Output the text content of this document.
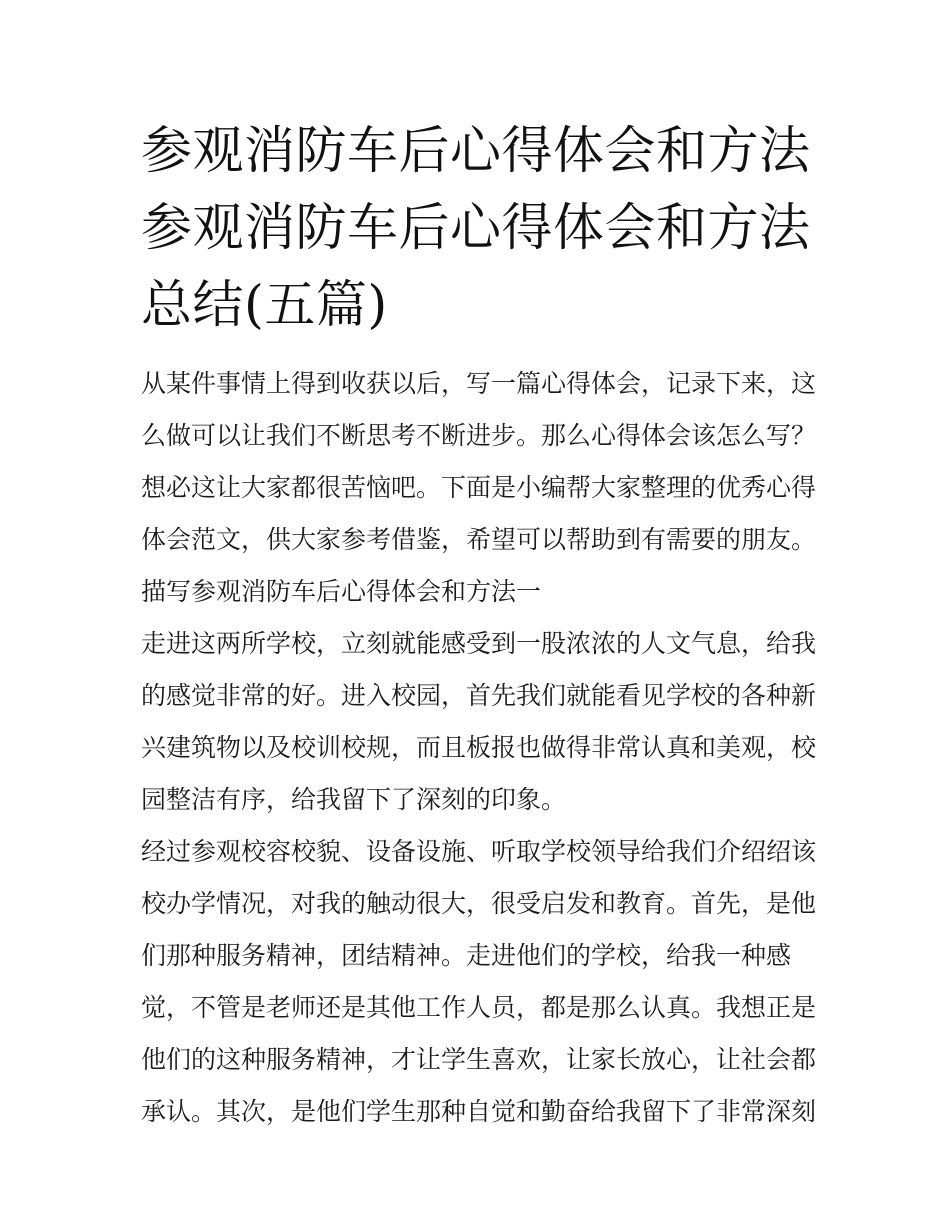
参观消防车后心得体会和方法
参观消防车后心得体会和方法
总结(五篇)

从某件事情上得到收获以后，写一篇心得体会，记录下来，这

么做可以让我们不断思考不断进步。那么心得体会该怎么写？

想必这让大家都很苦恼吧。下面是小编帮大家整理的优秀心得

体会范文，供大家参考借鉴，希望可以帮助到有需要的朋友。

描写参观消防车后心得体会和方法一

走进这两所学校，立刻就能感受到一股浓浓的人文气息，给我

的感觉非常的好。进入校园，首先我们就能看见学校的各种新

兴建筑物以及校训校规，而且板报也做得非常认真和美观，校

园整洁有序，给我留下了深刻的印象。

经过参观校容校貌、设备设施、听取学校领导给我们介绍绍该

校办学情况，对我的触动很大，很受启发和教育。首先，是他

们那种服务精神，团结精神。走进他们的学校，给我一种感

觉，不管是老师还是其他工作人员，都是那么认真。我想正是

他们的这种服务精神，才让学生喜欢，让家长放心，让社会都

承认。其次，是他们学生那种自觉和勤奋给我留下了非常深刻
